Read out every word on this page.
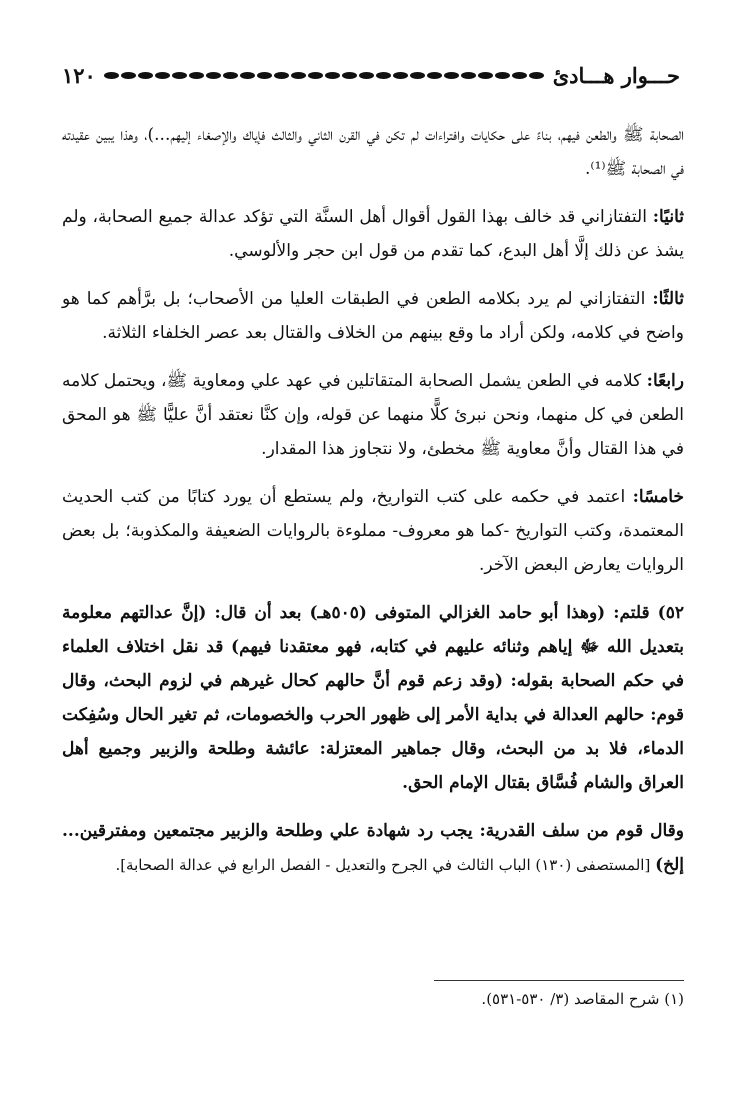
١٢٠	حـــوار هـــادئ

الصحابة ﷺ والطعن فيهم، بناءً على حكايات وافتراءات لم تكن في القرن الثاني والثالث فإياك والإصغاء إليهم...)، وهذا يبين عقيدته في الصحابة ﷺ⁽¹⁾.

ثانيًا: التفتازاني قد خالف بهذا القول أقوال أهل السنَّة التي تؤكد عدالة جميع الصحابة، ولم يشذ عن ذلك إلَّا أهل البدع، كما تقدم من قول ابن حجر والألوسي.

ثالثًا: التفتازاني لم يرد بكلامه الطعن في الطبقات العليا من الأصحاب؛ بل برَّأهم كما هو واضح في كلامه، ولكن أراد ما وقع بينهم من الخلاف والقتال بعد عصر الخلفاء الثلاثة.

رابعًا: كلامه في الطعن يشمل الصحابة المتقاتلين في عهد علي ومعاوية ﷺ، ويحتمل كلامه الطعن في كل منهما، ونحن نبرئ كلًّا منهما عن قوله، وإن كنَّا نعتقد أنَّ عليًّا ﷺ هو المحق في هذا القتال وأنَّ معاوية ﷺ مخطئ، ولا نتجاوز هذا المقدار.

خامسًا: اعتمد في حكمه على كتب التواريخ، ولم يستطع أن يورد كتابًا من كتب الحديث المعتمدة، وكتب التواريخ -كما هو معروف- مملوءة بالروايات الضعيفة والمكذوبة؛ بل بعض الروايات يعارض البعض الآخر.

٥٢) قلتم: (وهذا أبو حامد الغزالي المتوفى (٥٠٥هـ) بعد أن قال: (إنَّ عدالتهم معلومة بتعديل الله ﷻ إياهم وثنائه عليهم في كتابه، فهو معتقدنا فيهم) قد نقل اختلاف العلماء في حكم الصحابة بقوله: (وقد زعم قوم أنَّ حالهم كحال غيرهم في لزوم البحث، وقال قوم: حالهم العدالة في بداية الأمر إلى ظهور الحرب والخصومات، ثم تغير الحال وسُفِكت الدماء، فلا بد من البحث، وقال جماهير المعتزلة: عائشة وطلحة والزبير وجميع أهل العراق والشام فُسَّاق بقتال الإمام الحق.

وقال قوم من سلف القدرية: يجب رد شهادة علي وطلحة والزبير مجتمعين ومفترقين... إلخ) [المستصفى (١٣٠) الباب الثالث في الجرح والتعديل - الفصل الرابع في عدالة الصحابة].

(١) شرح المقاصد (٣/ ٥٣٠-٥٣١).
